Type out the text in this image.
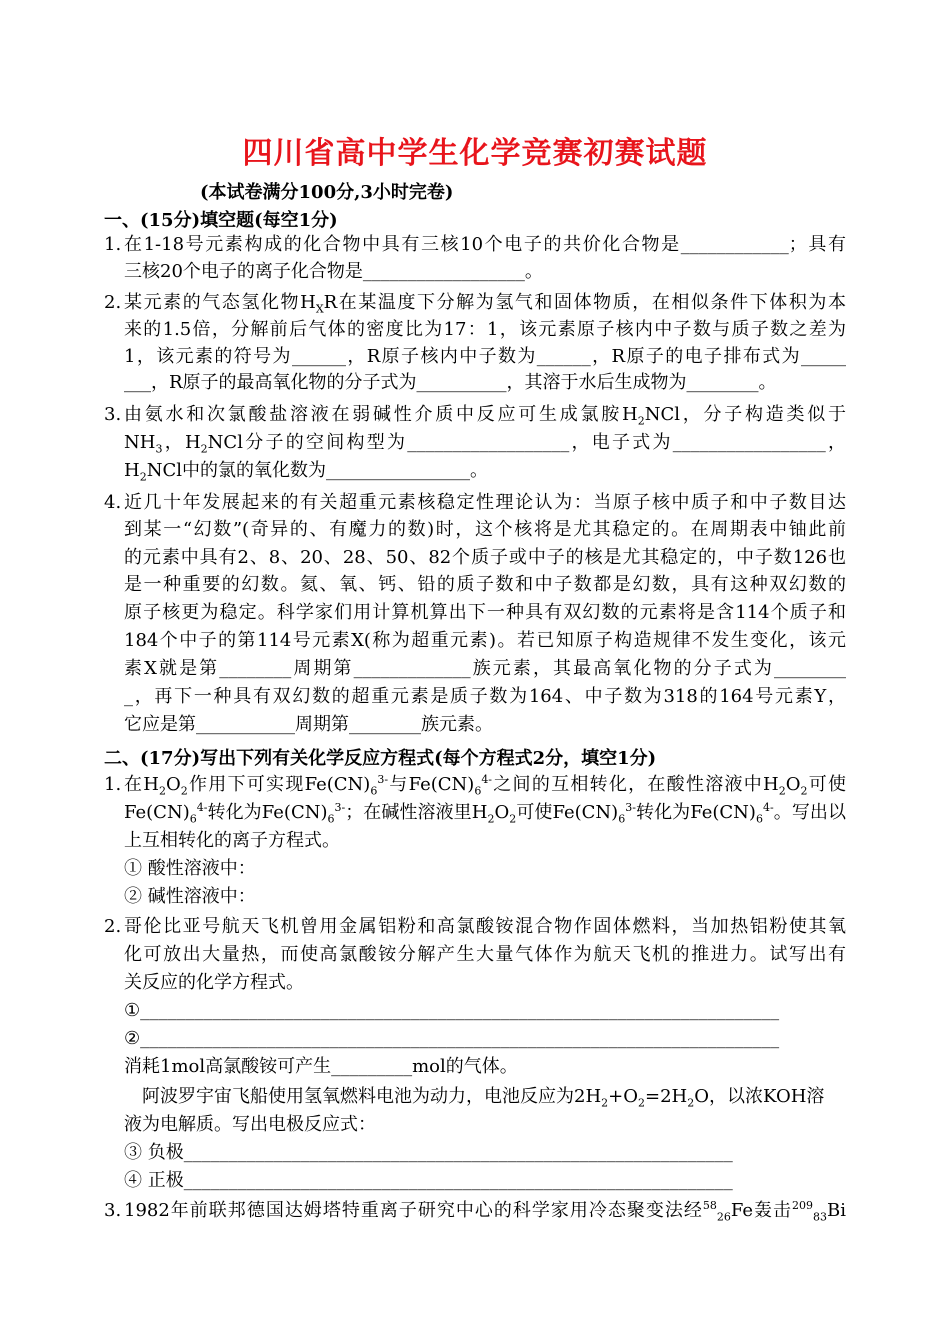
四川省高中学生化学竞赛初赛试题
(本试卷满分100分,3小时完卷)
一、(15分)填空题(每空1分)
1. 在1-18号元素构成的化合物中具有三核10个电子的共价化合物是____________；具有
三核20个电子的离子化合物是__________________。
2. 某元素的气态氢化物$H_XR$在某温度下分解为氢气和固体物质，在相似条件下体积为本
来的1.5倍，分解前后气体的密度比为17：1，该元素原子核内中子数与质子数之差为
1，该元素的符号为______，R原子核内中子数为______，R原子的电子排布式为_____
___，R原子的最高氧化物的分子式为__________，其溶于水后生成物为________。
3. 由氨水和次氯酸盐溶液在弱碱性介质中反应可生成氯胺$H_2NCl$，分子构造类似于
$NH_3$，$H_2NCl$分子的空间构型为__________________，电子式为_________________，
$H_2NCl$中的氯的氧化数为________________。
4. 近几十年发展起来的有关超重元素核稳定性理论认为：当原子核中质子和中子数目达
到某一“幻数”(奇异的、有魔力的数)时，这个核将是尤其稳定的。在周期表中铀此前
的元素中具有2、8、20、28、50、82个质子或中子的核是尤其稳定的，中子数126也
是一种重要的幻数。氦、氧、钙、铅的质子数和中子数都是幻数，具有这种双幻数的
原子核更为稳定。科学家们用计算机算出下一种具有双幻数的元素将是含114个质子和
184个中子的第114号元素X(称为超重元素)。若已知原子构造规律不发生变化，该元
素X就是第________周期第_____________族元素，其最高氧化物的分子式为________
_，再下一种具有双幻数的超重元素是质子数为164、中子数为318的164号元素Y，
它应是第___________周期第________族元素。
二、(17分)写出下列有关化学反应方程式(每个方程式2分，填空1分)
1. 在$H_2O_2$作用下可实现$Fe(CN)_6^{3-}$与$Fe(CN)_6^{4-}$之间的互相转化，在酸性溶液中$H_2O_2$可使
$Fe(CN)_6^{4-}$转化为$Fe(CN)_6^{3-}$；在碱性溶液里$H_2O_2$可使$Fe(CN)_6^{3-}$转化为$Fe(CN)_6^{4-}$。写出以
上互相转化的离子方程式。
① 酸性溶液中：
② 碱性溶液中：
2. 哥伦比亚号航天飞机曾用金属铝粉和高氯酸铵混合物作固体燃料，当加热铝粉使其氧
化可放出大量热，而使高氯酸铵分解产生大量气体作为航天飞机的推进力。试写出有
关反应的化学方程式。
①_______________________________________________________________________
②_______________________________________________________________________
消耗1mol高氯酸铵可产生_________mol的气体。
阿波罗宇宙飞船使用氢氧燃料电池为动力，电池反应为$2H_2+O_2=2H_2O$，以浓KOH溶
液为电解质。写出电极反应式：
③ 负极_____________________________________________________________
④ 正极_____________________________________________________________
3. 1982年前联邦德国达姆塔特重离子研究中心的科学家用冷态聚变法经$^{58}_{26}$Fe轰击$^{209}_{83}$Bi
